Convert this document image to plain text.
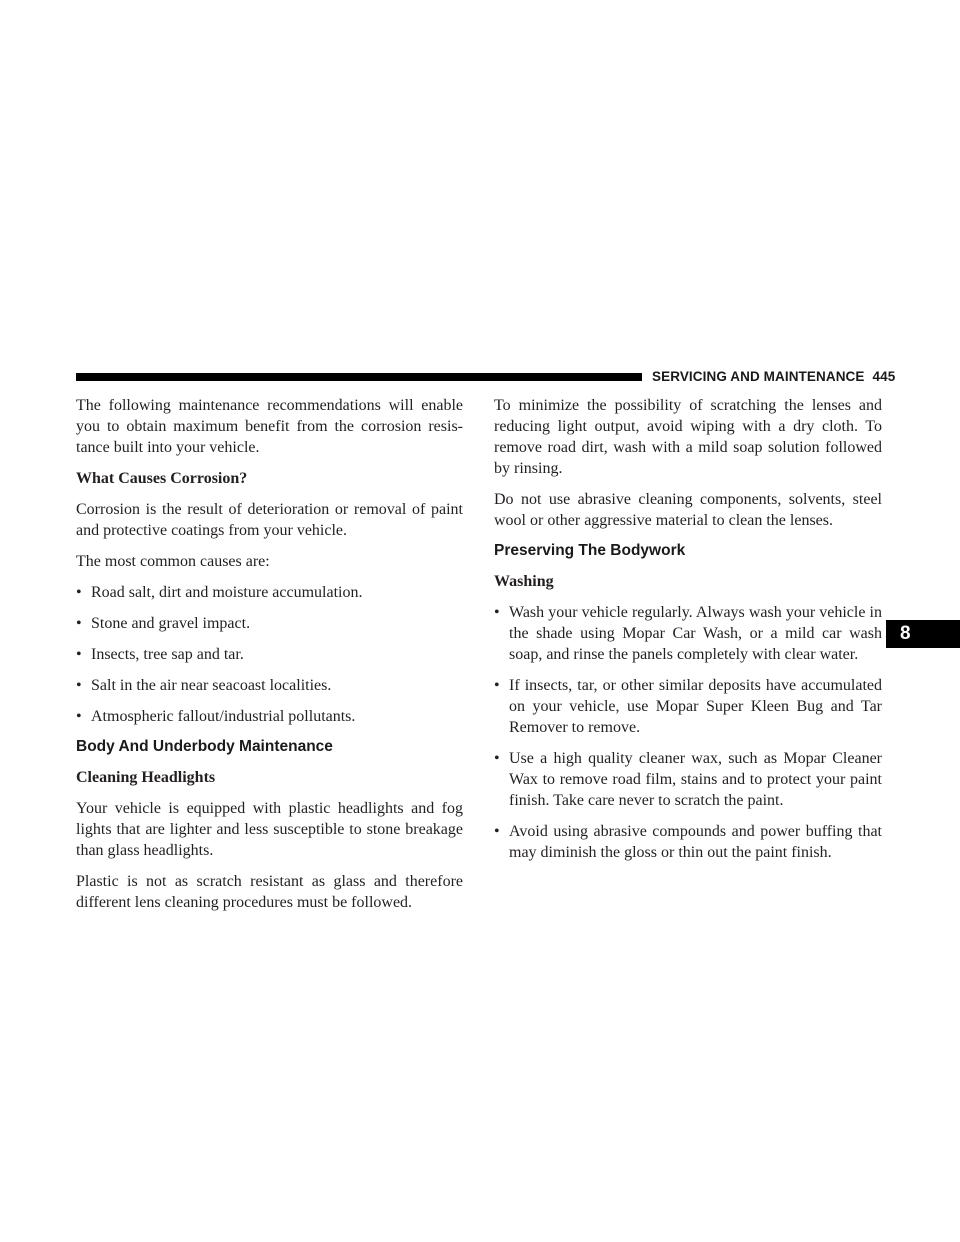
SERVICING AND MAINTENANCE 445
8

The following maintenance recommendations will enable you to obtain maximum benefit from the corrosion resis-tance built into your vehicle.

What Causes Corrosion?

Corrosion is the result of deterioration or removal of paint and protective coatings from your vehicle.

The most common causes are:

• Road salt, dirt and moisture accumulation.
• Stone and gravel impact.
• Insects, tree sap and tar.
• Salt in the air near seacoast localities.
• Atmospheric fallout/industrial pollutants.
Body And Underbody Maintenance
Cleaning Headlights

Your vehicle is equipped with plastic headlights and fog lights that are lighter and less susceptible to stone breakage than glass headlights.

Plastic is not as scratch resistant as glass and therefore different lens cleaning procedures must be followed.

To minimize the possibility of scratching the lenses and reducing light output, avoid wiping with a dry cloth. To remove road dirt, wash with a mild soap solution followed by rinsing.

Do not use abrasive cleaning components, solvents, steel wool or other aggressive material to clean the lenses.

Preserving The Bodywork
Washing
• Wash your vehicle regularly. Always wash your vehicle in the shade using Mopar Car Wash, or a mild car wash soap, and rinse the panels completely with clear water.
• If insects, tar, or other similar deposits have accumulated on your vehicle, use Mopar Super Kleen Bug and Tar Remover to remove.
• Use a high quality cleaner wax, such as Mopar Cleaner Wax to remove road film, stains and to protect your paint finish. Take care never to scratch the paint.
• Avoid using abrasive compounds and power buffing that may diminish the gloss or thin out the paint finish.
